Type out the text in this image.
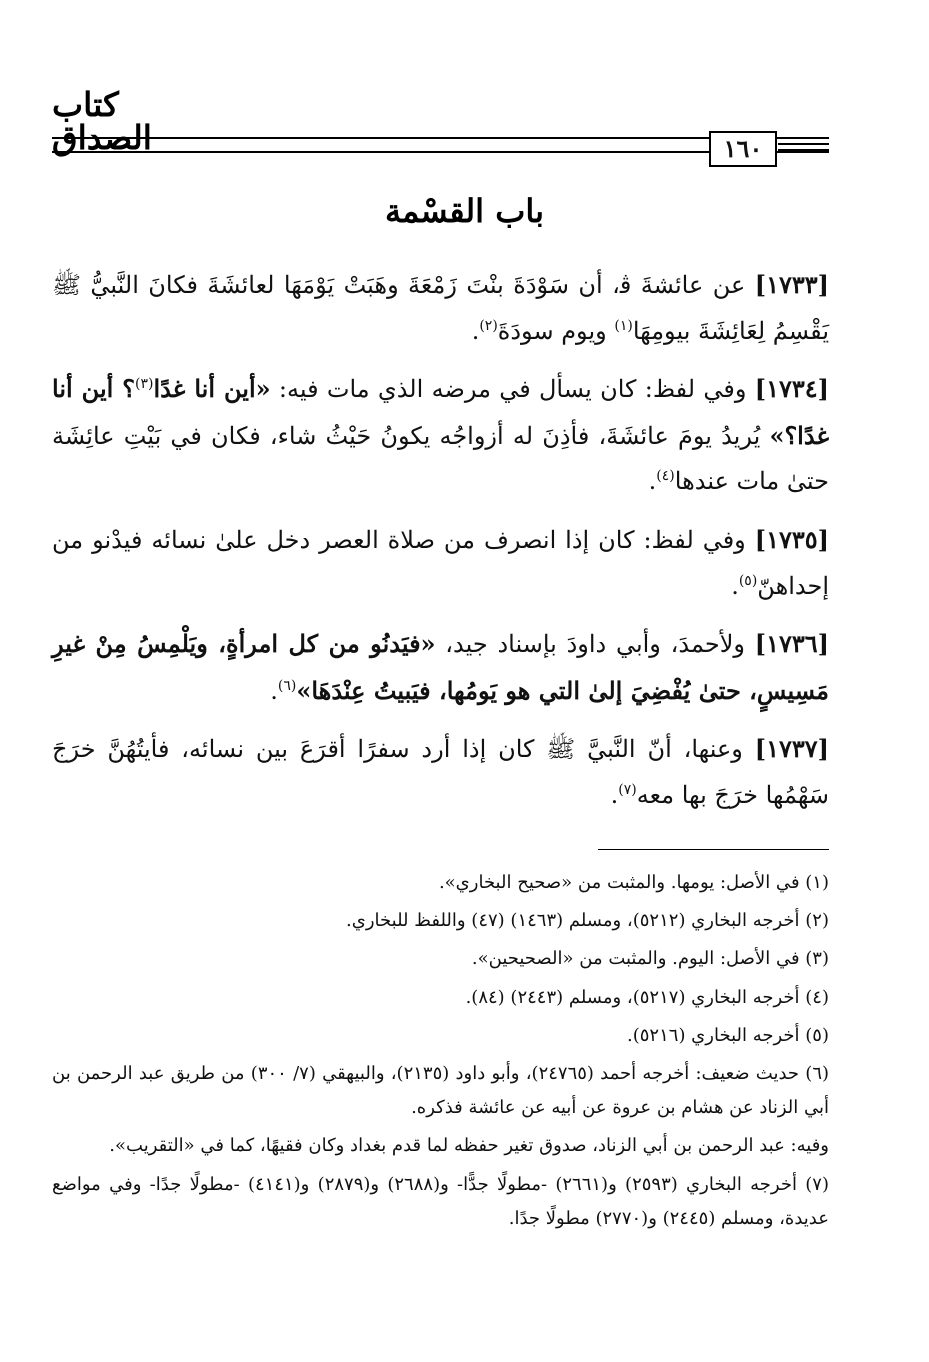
كتاب الصداق	١٦٠
باب القسْمة

[١٧٣٣] عن عائشةَ ﭬ، أن سَوْدَةَ بنْتَ زَمْعَةَ وهَبَتْ يَوْمَهَا لعائشَةَ فكانَ النَّبيُّ ﷺ يَقْسِمُ لِعَائِشَةَ بيومِهَا$^{(١)}$ ويوم سودَةَ$^{(٢)}$.

[١٧٣٤] وفي لفظ: كان يسأل في مرضه الذي مات فيه: «أين أنا غدًا$^{(٣)}$؟ أين أنا غدًا؟» يُريدُ يومَ عائشَةَ، فأذِنَ له أزواجُه يكونُ حَيْثُ شاء، فكان في بَيْتِ عائِشَة حتىٰ مات عندها$^{(٤)}$.

[١٧٣٥] وفي لفظ: كان إذا انصرف من صلاة العصر دخل علىٰ نسائه فيدْنو من إحداهنّ$^{(٥)}$.

[١٧٣٦] ولأحمدَ، وأبي داودَ بإسناد جيد، «فيَدنُو من كل امرأةٍ، ويَلْمِسُ مِنْ غيرِ مَسِيسٍ، حتىٰ يُفْضِيَ إلىٰ التي هو يَومُها، فيَبيتُ عِنْدَهَا»$^{(٦)}$.

[١٧٣٧] وعنها، أنّ النَّبيَّ ﷺ كان إذا أرد سفرًا أقرَعَ بين نسائه، فأيتُهُنَّ خرَجَ سَهْمُها خرَجَ بها معه$^{(٧)}$.

(١) في الأصل: يومها. والمثبت من «صحيح البخاري».

(٢) أخرجه البخاري (٥٢١٢)، ومسلم (١٤٦٣) (٤٧) واللفظ للبخاري.

(٣) في الأصل: اليوم. والمثبت من «الصحيحين».

(٤) أخرجه البخاري (٥٢١٧)، ومسلم (٢٤٤٣) (٨٤).

(٥) أخرجه البخاري (٥٢١٦).

(٦) حديث ضعيف: أخرجه أحمد (٢٤٧٦٥)، وأبو داود (٢١٣٥)، والبيهقي (٧/ ٣٠٠) من طريق عبد الرحمن بن أبي الزناد عن هشام بن عروة عن أبيه عن عائشة فذكره.

وفيه: عبد الرحمن بن أبي الزناد، صدوق تغير حفظه لما قدم بغداد وكان فقيهًا، كما في «التقريب».

(٧) أخرجه البخاري (٢٥٩٣) و(٢٦٦١) -مطولًا جدًّا- و(٢٦٨٨) و(٢٨٧٩) و(٤١٤١) -مطولًا جدًا- وفي مواضع عديدة، ومسلم (٢٤٤٥) و(٢٧٧٠) مطولًا جدًا.
